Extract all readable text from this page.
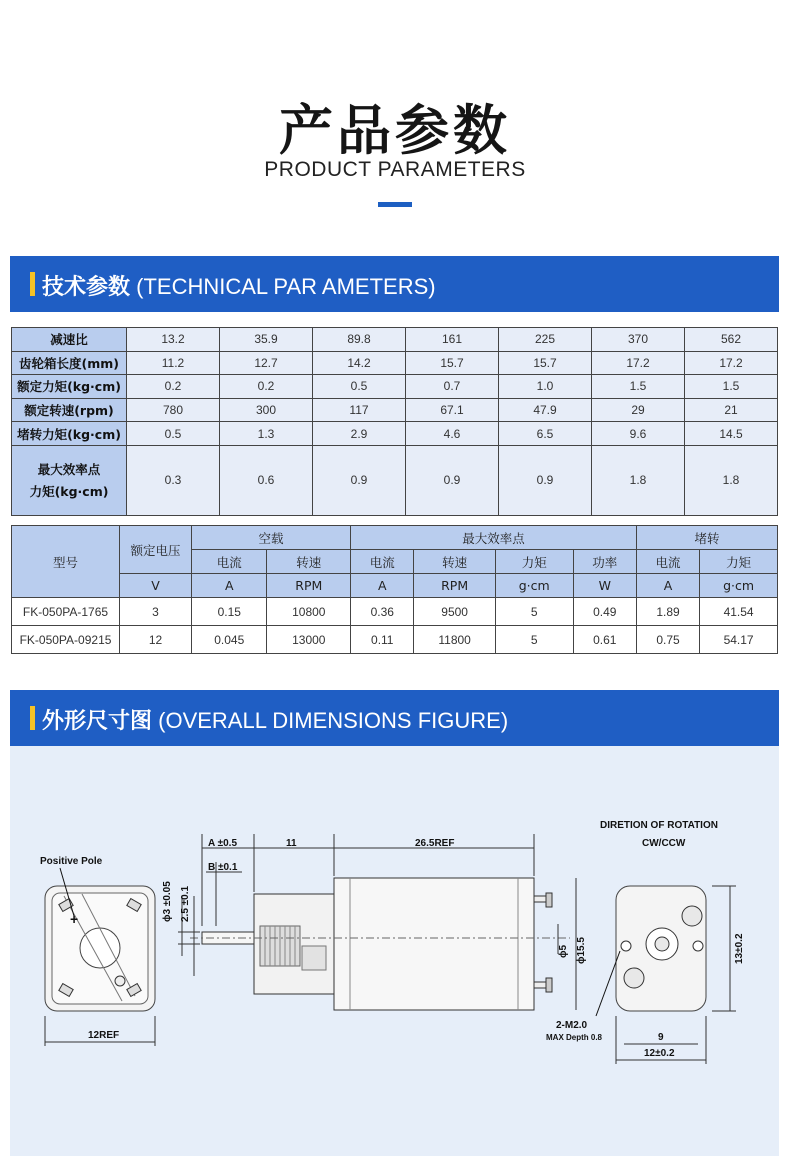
产品参数
PRODUCT PARAMETERS
技术参数 (TECHNICAL PAR AMETERS)
减速比	13.2	35.9	89.8	161	225	370	562
齿轮箱长度(mm)	11.2	12.7	14.2	15.7	15.7	17.2	17.2
额定力矩(kg·cm)	0.2	0.2	0.5	0.7	1.0	1.5	1.5
额定转速(rpm)	780	300	117	67.1	47.9	29	21
堵转力矩(kg·cm)	0.5	1.3	2.9	4.6	6.5	9.6	14.5

最大效率点
力矩(kg·cm)	0.3	0.6	0.9	0.9	0.9	1.8	1.8
型号	额定电压	空载		最大效率点				堵转	
		电流	转速	电流	转速	力矩	功率	电流	力矩
	V	A	RPM	A	RPM	g·cm	W	A	g·cm
FK-050PA-1765	3	0.15	10800	0.36	9500	5	0.49	1.89	41.54
FK-050PA-09215	12	0.045	13000	0.11	11800	5	0.61	0.75	54.17
外形尺寸图 (OVERALL DIMENSIONS FIGURE)
Positive Pole
+
12REF
A ±0.5	11	26.5REF
B ±0.1
ϕ3 ±0.05 2.5 ±0.1
ϕ5 ϕ15.5
DIRETION OF ROTATION
CW/CCW
13±0.2
2-M2.0
MAX Depth 0.8	9
12±0.2
